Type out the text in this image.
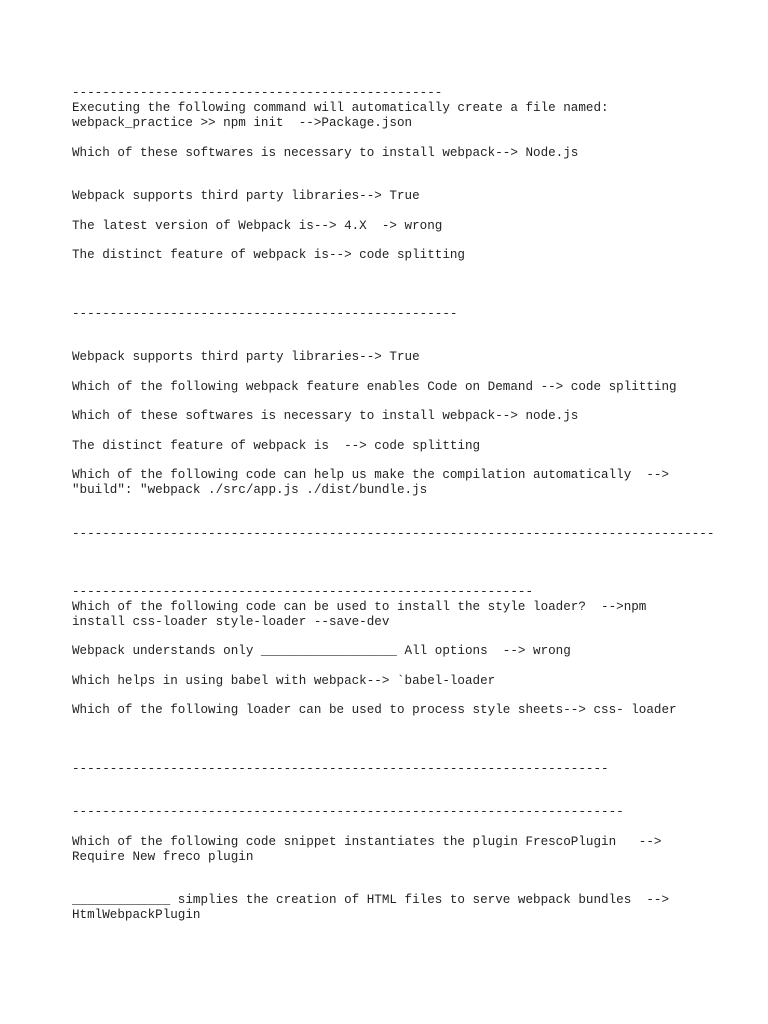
-------------------------------------------------

Executing the following command will automatically create a file named:

webpack_practice >> npm init  -->Package.json

Which of these softwares is necessary to install webpack--> Node.js

Webpack supports third party libraries--> True

The latest version of Webpack is--> 4.X  -> wrong

The distinct feature of webpack is--> code splitting

---------------------------------------------------

Webpack supports third party libraries--> True

Which of the following webpack feature enables Code on Demand --> code splitting

Which of these softwares is necessary to install webpack--> node.js

The distinct feature of webpack is  --> code splitting

Which of the following code can help us make the compilation automatically  -->

"build": "webpack ./src/app.js ./dist/bundle.js

-------------------------------------------------------------------------------------

-------------------------------------------------------------

Which of the following code can be used to install the style loader?  -->npm

install css-loader style-loader --save-dev

Webpack understands only __________________ All options  --> wrong

Which helps in using babel with webpack--> `babel-loader

Which of the following loader can be used to process style sheets--> css- loader

-----------------------------------------------------------------------

-------------------------------------------------------------------------

Which of the following code snippet instantiates the plugin FrescoPlugin   -->

Require New freco plugin

_____________ simplies the creation of HTML files to serve webpack bundles  -->

HtmlWebpackPlugin
